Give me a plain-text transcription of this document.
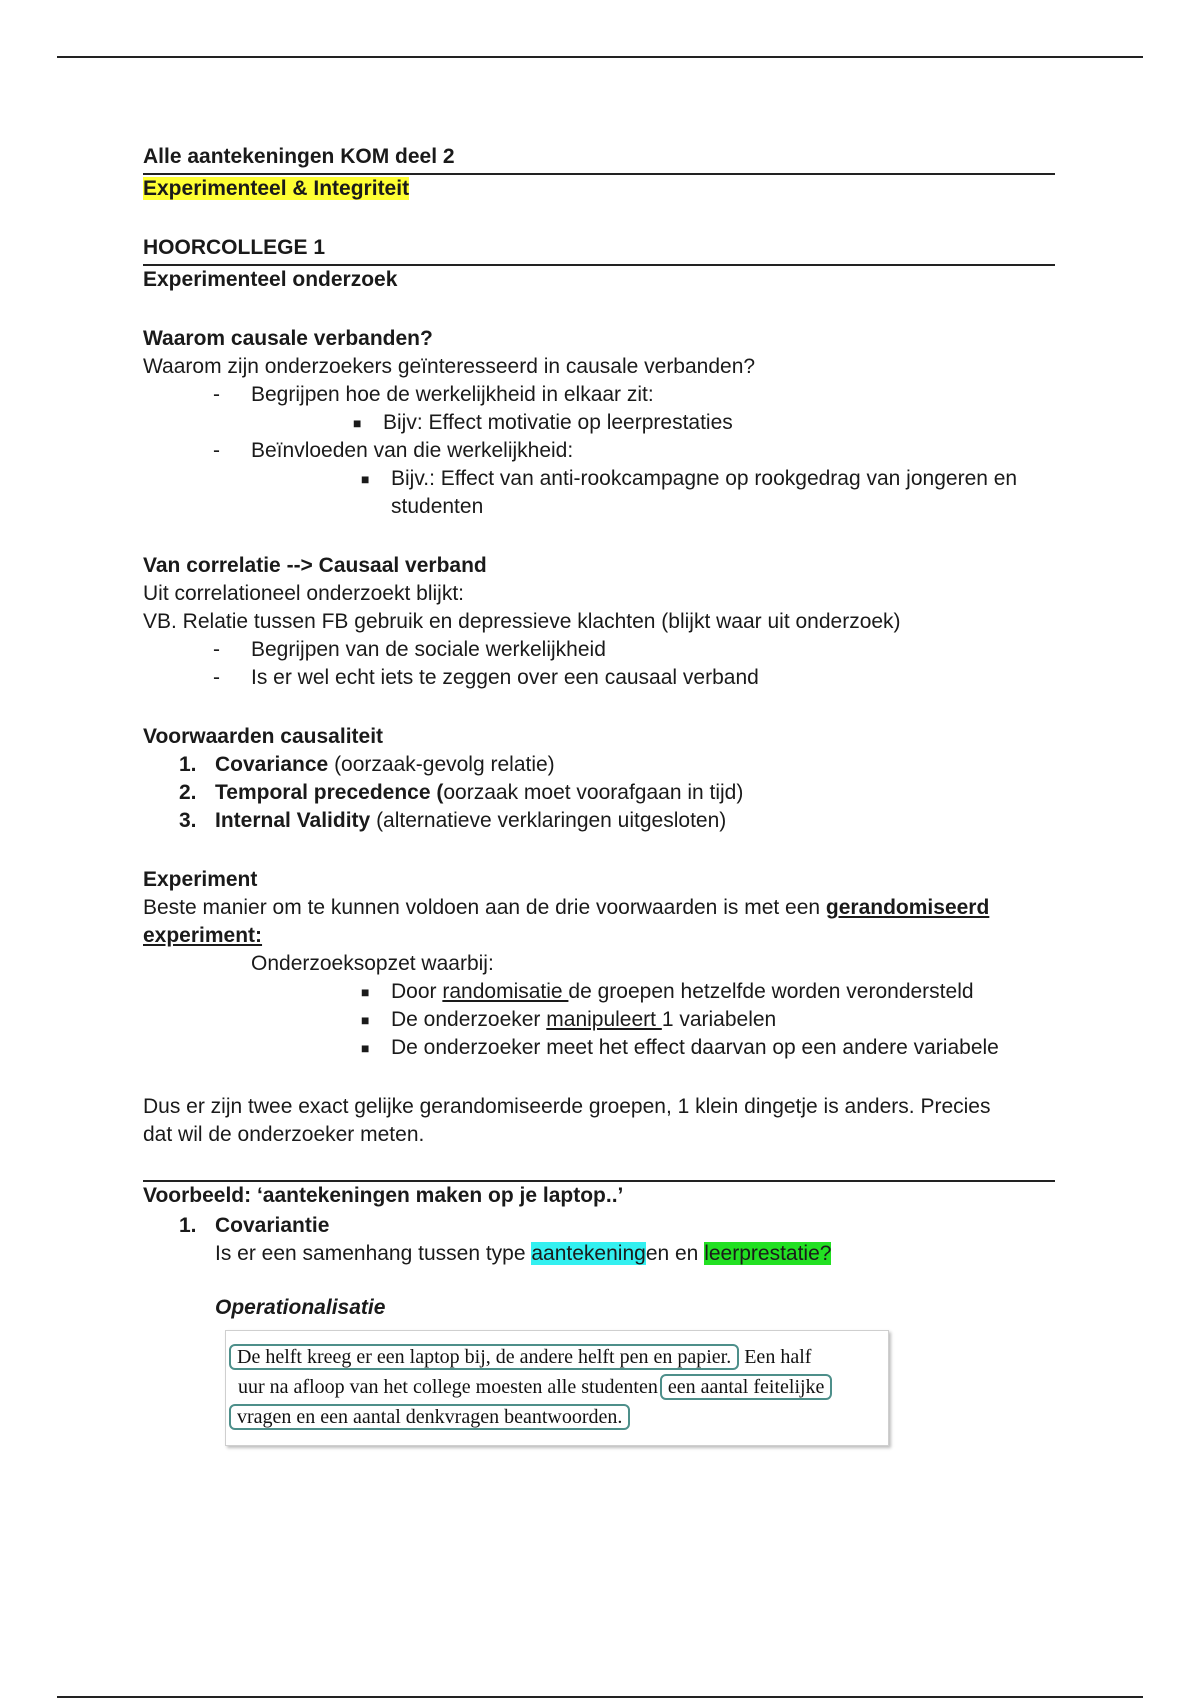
Alle aantekeningen KOM deel 2
Experimenteel & Integriteit
HOORCOLLEGE 1
Experimenteel onderzoek
Waarom causale verbanden?
Waarom zijn onderzoekers geïnteresseerd in causale verbanden?
- Begrijpen hoe de werkelijkheid in elkaar zit:
■ Bijv: Effect motivatie op leerprestaties
- Beïnvloeden van die werkelijkheid:
■ Bijv.: Effect van anti-rookcampagne op rookgedrag van jongeren en
studenten
Van correlatie --> Causaal verband
Uit correlationeel onderzoekt blijkt:
VB. Relatie tussen FB gebruik en depressieve klachten (blijkt waar uit onderzoek)
- Begrijpen van de sociale werkelijkheid
- Is er wel echt iets te zeggen over een causaal verband
Voorwaarden causaliteit
1. Covariance (oorzaak-gevolg relatie)
2. Temporal precedence (oorzaak moet voorafgaan in tijd)
3. Internal Validity (alternatieve verklaringen uitgesloten)
Experiment
Beste manier om te kunnen voldoen aan de drie voorwaarden is met een gerandomiseerd
experiment:
Onderzoeksopzet waarbij:
■ Door randomisatie de groepen hetzelfde worden verondersteld
■ De onderzoeker manipuleert 1 variabelen
■ De onderzoeker meet het effect daarvan op een andere variabele
Dus er zijn twee exact gelijke gerandomiseerde groepen, 1 klein dingetje is anders. Precies
dat wil de onderzoeker meten.
Voorbeeld: ‘aantekeningen maken op je laptop..’
1. Covariantie
Is er een samenhang tussen type aantekeningen en leerprestatie?
Operationalisatie
De helft kreeg er een laptop bij, de andere helft pen en papier. Een half
uur na afloop van het college moesten alle studenten een aantal feitelijke
vragen en een aantal denkvragen beantwoorden.
